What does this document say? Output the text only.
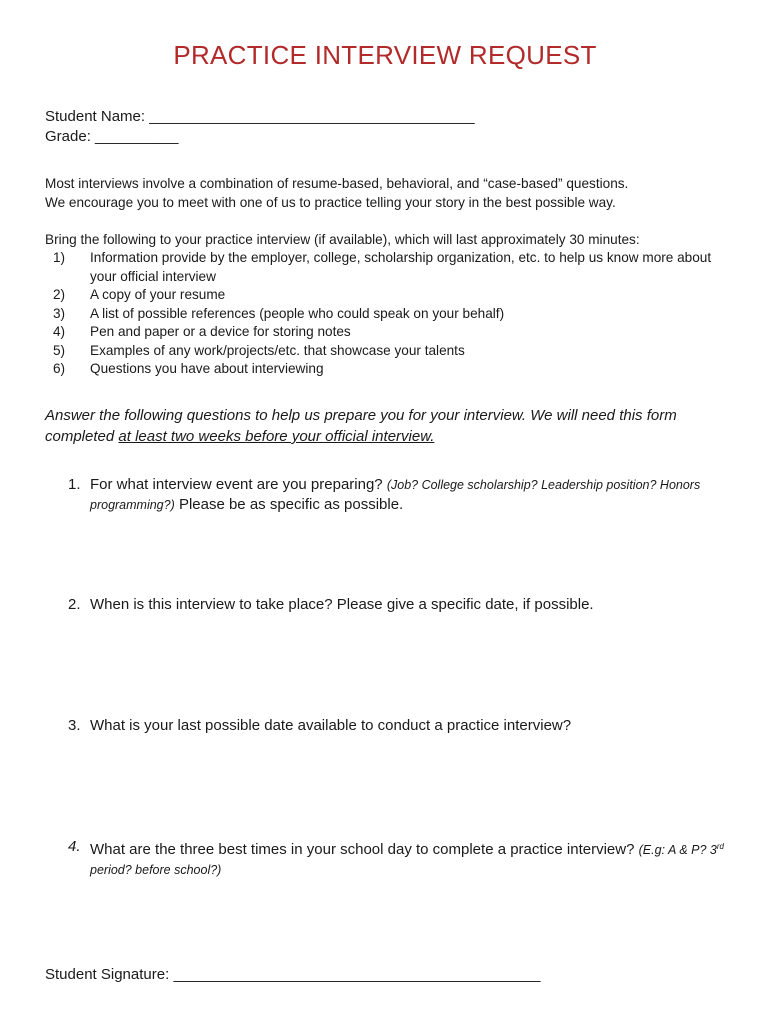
PRACTICE INTERVIEW REQUEST
Student Name: _______________________________________
Grade: __________
Most interviews involve a combination of resume-based, behavioral, and “case-based” questions.
We encourage you to meet with one of us to practice telling your story in the best possible way.
Bring the following to your practice interview (if available), which will last approximately 30 minutes:
1) Information provide by the employer, college, scholarship organization, etc. to help us know more about your official interview
2) A copy of your resume
3) A list of possible references (people who could speak on your behalf)
4) Pen and paper or a device for storing notes
5) Examples of any work/projects/etc. that showcase your talents
6) Questions you have about interviewing
Answer the following questions to help us prepare you for your interview. We will need this form completed at least two weeks before your official interview.
1. For what interview event are you preparing? (Job? College scholarship? Leadership position? Honors programming?) Please be as specific as possible.
2. When is this interview to take place? Please give a specific date, if possible.
3. What is your last possible date available to conduct a practice interview?
4. What are the three best times in your school day to complete a practice interview? (E.g: A & P? 3rd period? before school?)
Student Signature: ____________________________________________
